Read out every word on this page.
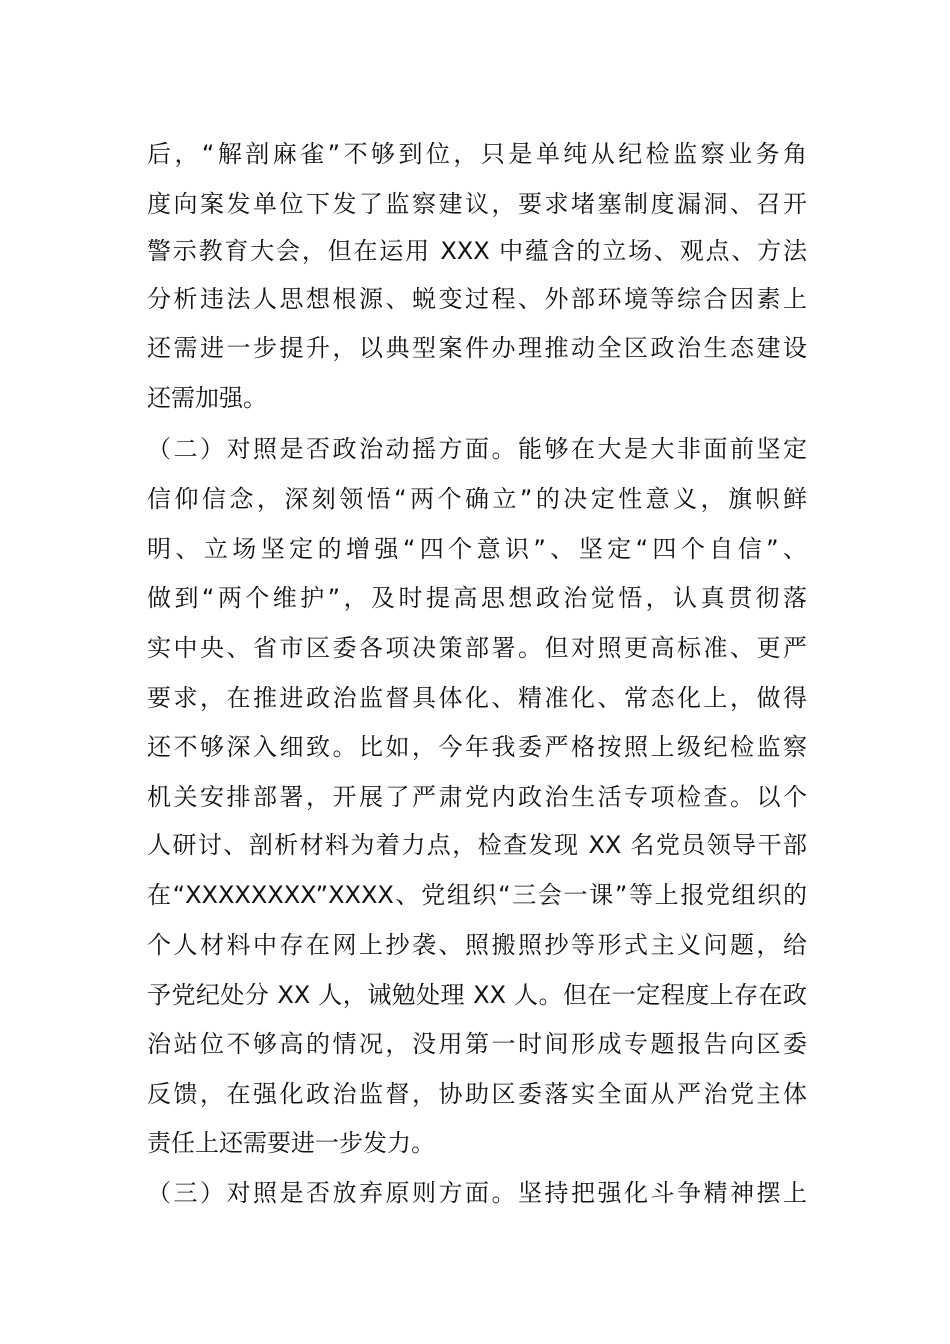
后，“解剖麻雀”不够到位，只是单纯从纪检监察业务角
度向案发单位下发了监察建议，要求堵塞制度漏洞、召开
警示教育大会，但在运用 XXX 中蕴含的立场、观点、方法
分析违法人思想根源、蜕变过程、外部环境等综合因素上
还需进一步提升，以典型案件办理推动全区政治生态建设
还需加强。
（二）对照是否政治动摇方面。能够在大是大非面前坚定
信仰信念，深刻领悟“两个确立”的决定性意义，旗帜鲜
明、立场坚定的增强“四个意识”、坚定“四个自信”、
做到“两个维护”，及时提高思想政治觉悟，认真贯彻落
实中央、省市区委各项决策部署。但对照更高标准、更严
要求，在推进政治监督具体化、精准化、常态化上，做得
还不够深入细致。比如，今年我委严格按照上级纪检监察
机关安排部署，开展了严肃党内政治生活专项检查。以个
人研讨、剖析材料为着力点，检查发现 XX 名党员领导干部
在“XXXXXXXX”XXXX、党组织“三会一课”等上报党组织的
个人材料中存在网上抄袭、照搬照抄等形式主义问题，给
予党纪处分 XX 人，诫勉处理 XX 人。但在一定程度上存在政
治站位不够高的情况，没用第一时间形成专题报告向区委
反馈，在强化政治监督，协助区委落实全面从严治党主体
责任上还需要进一步发力。
（三）对照是否放弃原则方面。坚持把强化斗争精神摆上
